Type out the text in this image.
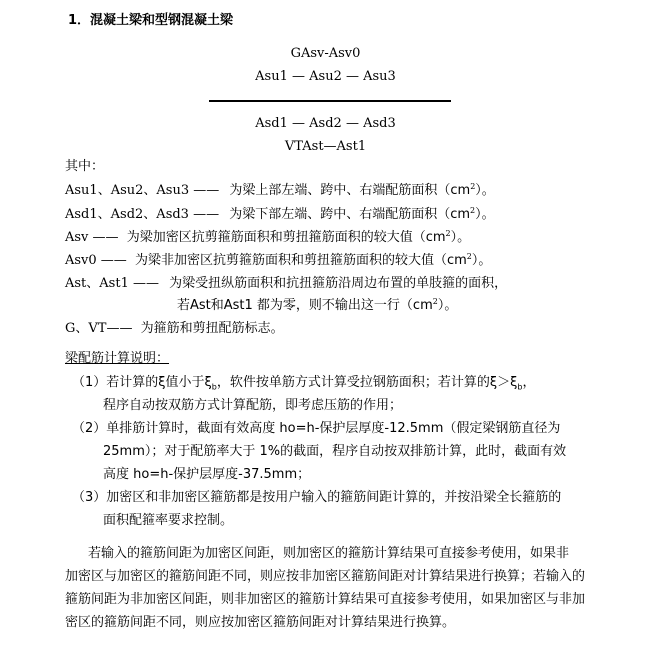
1．混凝土梁和型钢混凝土梁
GAsv-Asv0
Asu1 — Asu2 — Asu3
Asd1 — Asd2 — Asd3
VTAst—Ast1
其中：
Asu1、Asu2、Asu3 —— 为梁上部左端、跨中、右端配筋面积$(cm^2)$。
Asd1、Asd2、Asd3 —— 为梁下部左端、跨中、右端配筋面积$(cm^2)$。
Asv —— 为梁加密区抗剪箍筋面积和剪扭箍筋面积的较大值$(cm^2)$。
Asv0 —— 为梁非加密区抗剪箍筋面积和剪扭箍筋面积的较大值$(cm^2)$。
Ast、Ast1 —— 为梁受扭纵筋面积和抗扭箍筋沿周边布置的单肢箍的面积，
若Ast和Ast1 都为零，则不输出这一行$(cm^2)$。
G、VT—— 为箍筋和剪扭配筋标志。
梁配筋计算说明：
（1）若计算的ξ值小于$\xi_b$，软件按单筋方式计算受拉钢筋面积；若计算的$\xi>\xi_b$，
程序自动按双筋方式计算配筋，即考虑压筋的作用；
（2）单排筋计算时，截面有效高度 ho=h-保护层厚度-12.5mm（假定梁钢筋直径为
25mm）；对于配筋率大于 1%的截面，程序自动按双排筋计算，此时，截面有效
高度 ho=h-保护层厚度-37.5mm；
（3）加密区和非加密区箍筋都是按用户输入的箍筋间距计算的，并按沿梁全长箍筋的
面积配箍率要求控制。
若输入的箍筋间距为加密区间距，则加密区的箍筋计算结果可直接参考使用，如果非
加密区与加密区的箍筋间距不同，则应按非加密区箍筋间距对计算结果进行换算；若输入的
箍筋间距为非加密区间距，则非加密区的箍筋计算结果可直接参考使用，如果加密区与非加
密区的箍筋间距不同，则应按加密区箍筋间距对计算结果进行换算。
